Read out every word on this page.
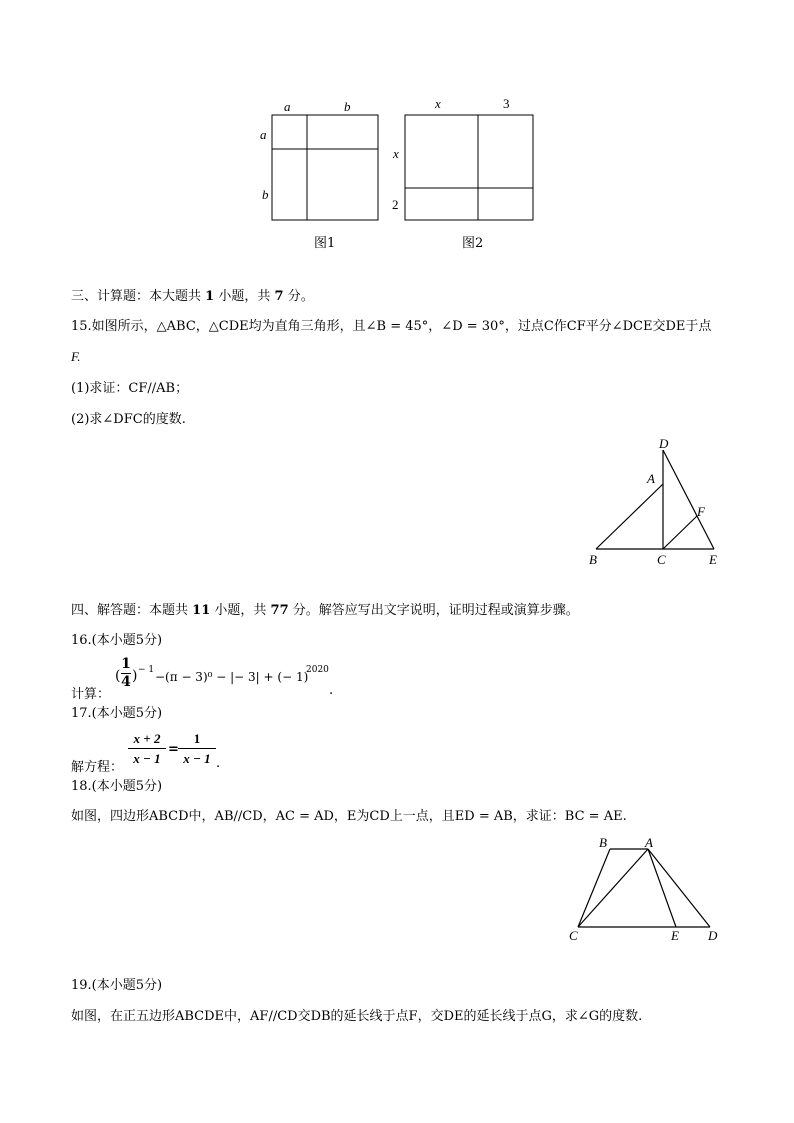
a	b
a
b
x	3
x
2
图1	图2
三、计算题：本大题共 1 小题，共 7 分。
15.如图所示，△ABC，△CDE均为直角三角形，且∠B = 45°，∠D = 30°，过点C作CF平分∠DCE交DE于点
F.
(1)求证：CF//AB；
(2)求∠DFC的度数.
D
A
F
B	C	E
四、解答题：本题共 11 小题，共 77 分。解答应写出文字说明，证明过程或演算步骤。
16.(本小题5分)
计算：
(
1
4 ) − 1 −(π − 3)⁰ − |− 3| + (− 1)
2020
.
17.(本小题5分)
解方程： $\frac{x + 2}{x - 1} = \frac{1}{x - 1}$ .
18.(本小题5分)
如图，四边形ABCD中，AB//CD，AC = AD，E为CD上一点，且ED = AB，求证：BC = AE.
B	A
C	E D
19.(本小题5分)
如图，在正五边形ABCDE中，AF//CD交DB的延长线于点F，交DE的延长线于点G，求∠G的度数.
